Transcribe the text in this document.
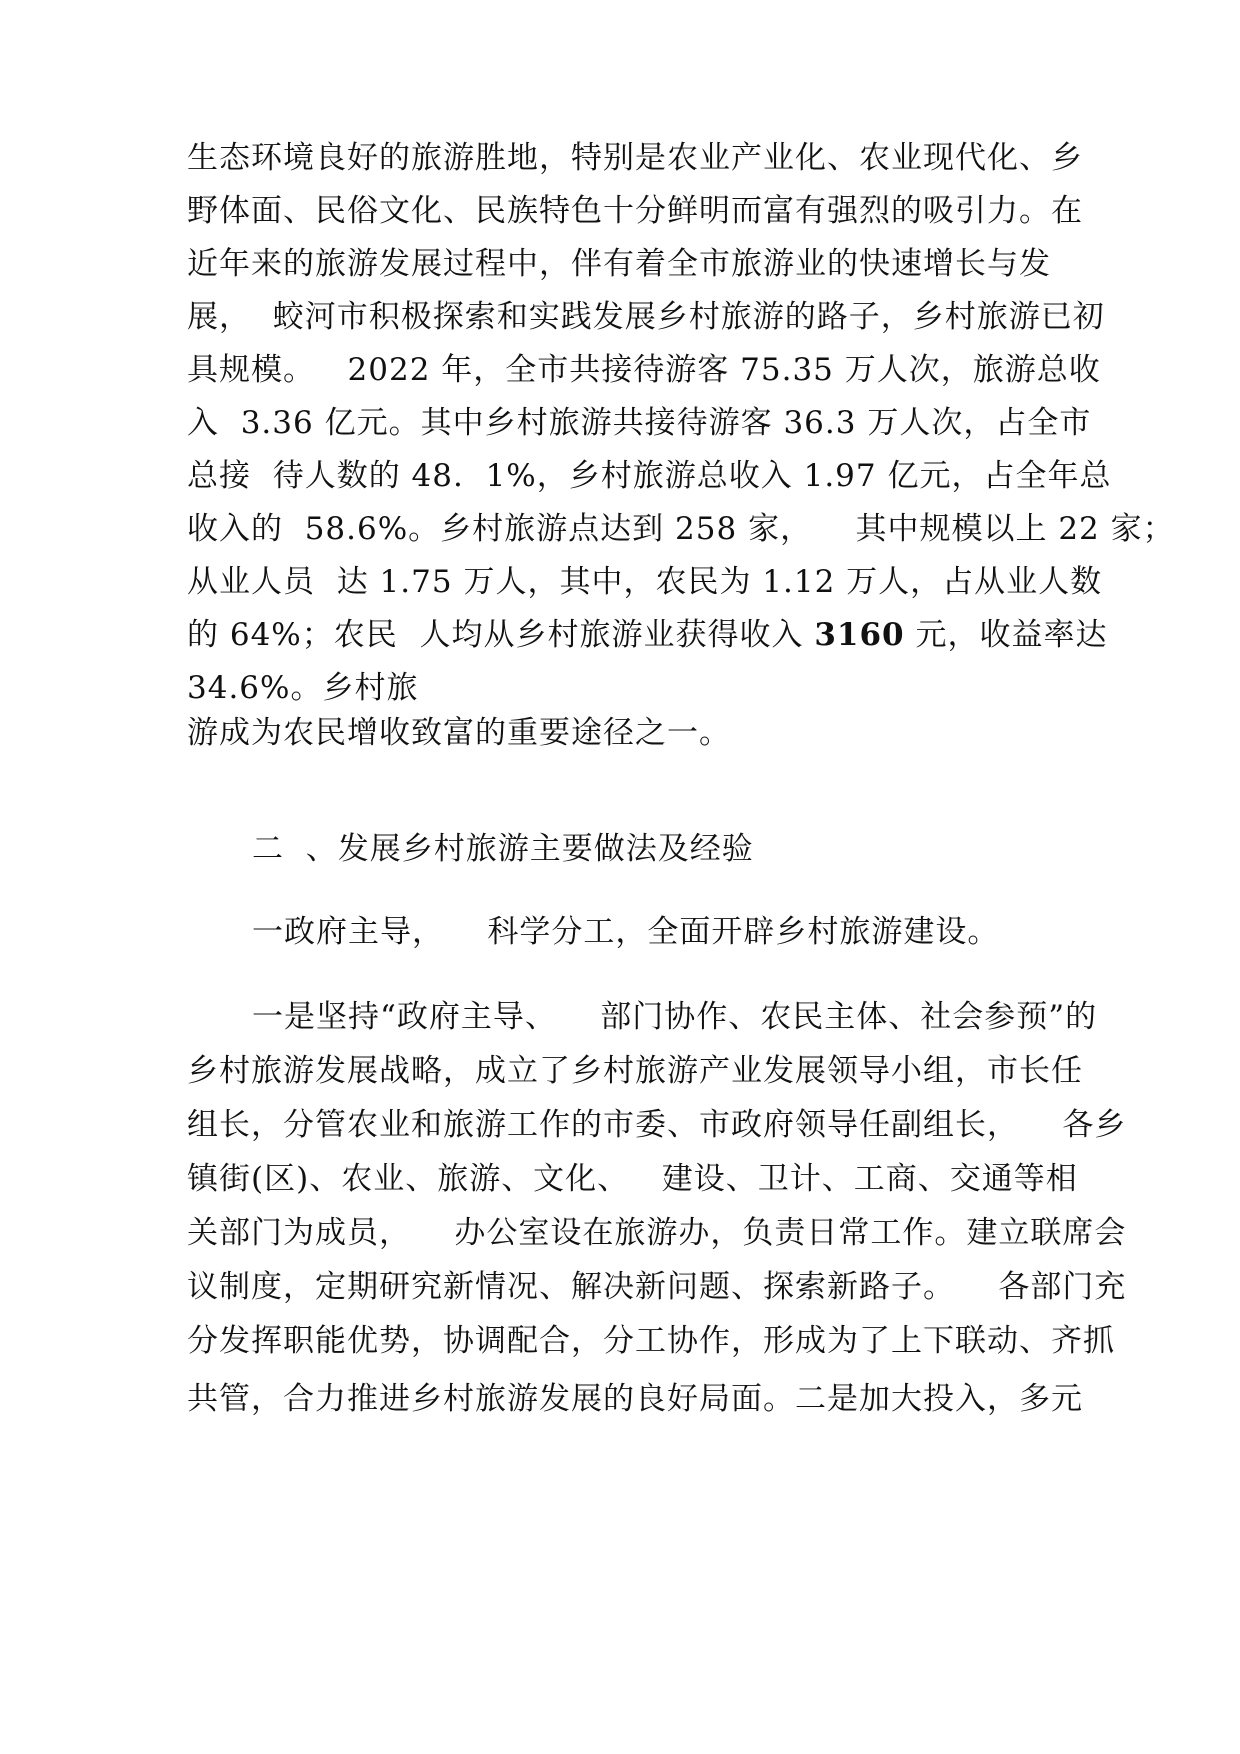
生态环境良好的旅游胜地，特别是农业产业化、农业现代化、乡
野体面、民俗文化、民族特色十分鲜明而富有强烈的吸引力。在
近年来的旅游发展过程中，伴有着全市旅游业的快速增长与发
展，  蛟河市积极探索和实践发展乡村旅游的路子，乡村旅游已初
具规模。   2022 年，全市共接待游客 75.35 万人次，旅游总收
入  3.36 亿元。其中乡村旅游共接待游客 36.3 万人次，占全市
总接  待人数的 48.  1%，乡村旅游总收入 1.97 亿元，占全年总
收入的  58.6%。乡村旅游点达到 258 家，    其中规模以上 22 家；
从业人员  达 1.75 万人，其中，农民为 1.12 万人，占从业人数
的 64%；农民  人均从乡村旅游业获得收入 3160 元，收益率达
34.6%。乡村旅
游成为农民增收致富的重要途径之一。
二  、发展乡村旅游主要做法及经验
一政府主导，    科学分工，全面开辟乡村旅游建设。
一是坚持“政府主导、    部门协作、农民主体、社会参预”的
乡村旅游发展战略，成立了乡村旅游产业发展领导小组，市长任
组长，分管农业和旅游工作的市委、市政府领导任副组长，    各乡
镇街(区)、农业、旅游、文化、   建设、卫计、工商、交通等相
关部门为成员，    办公室设在旅游办，负责日常工作。建立联席会
议制度，定期研究新情况、解决新问题、探索新路子。    各部门充
分发挥职能优势，协调配合，分工协作，形成为了上下联动、齐抓
共管，合力推进乡村旅游发展的良好局面。二是加大投入，多元
